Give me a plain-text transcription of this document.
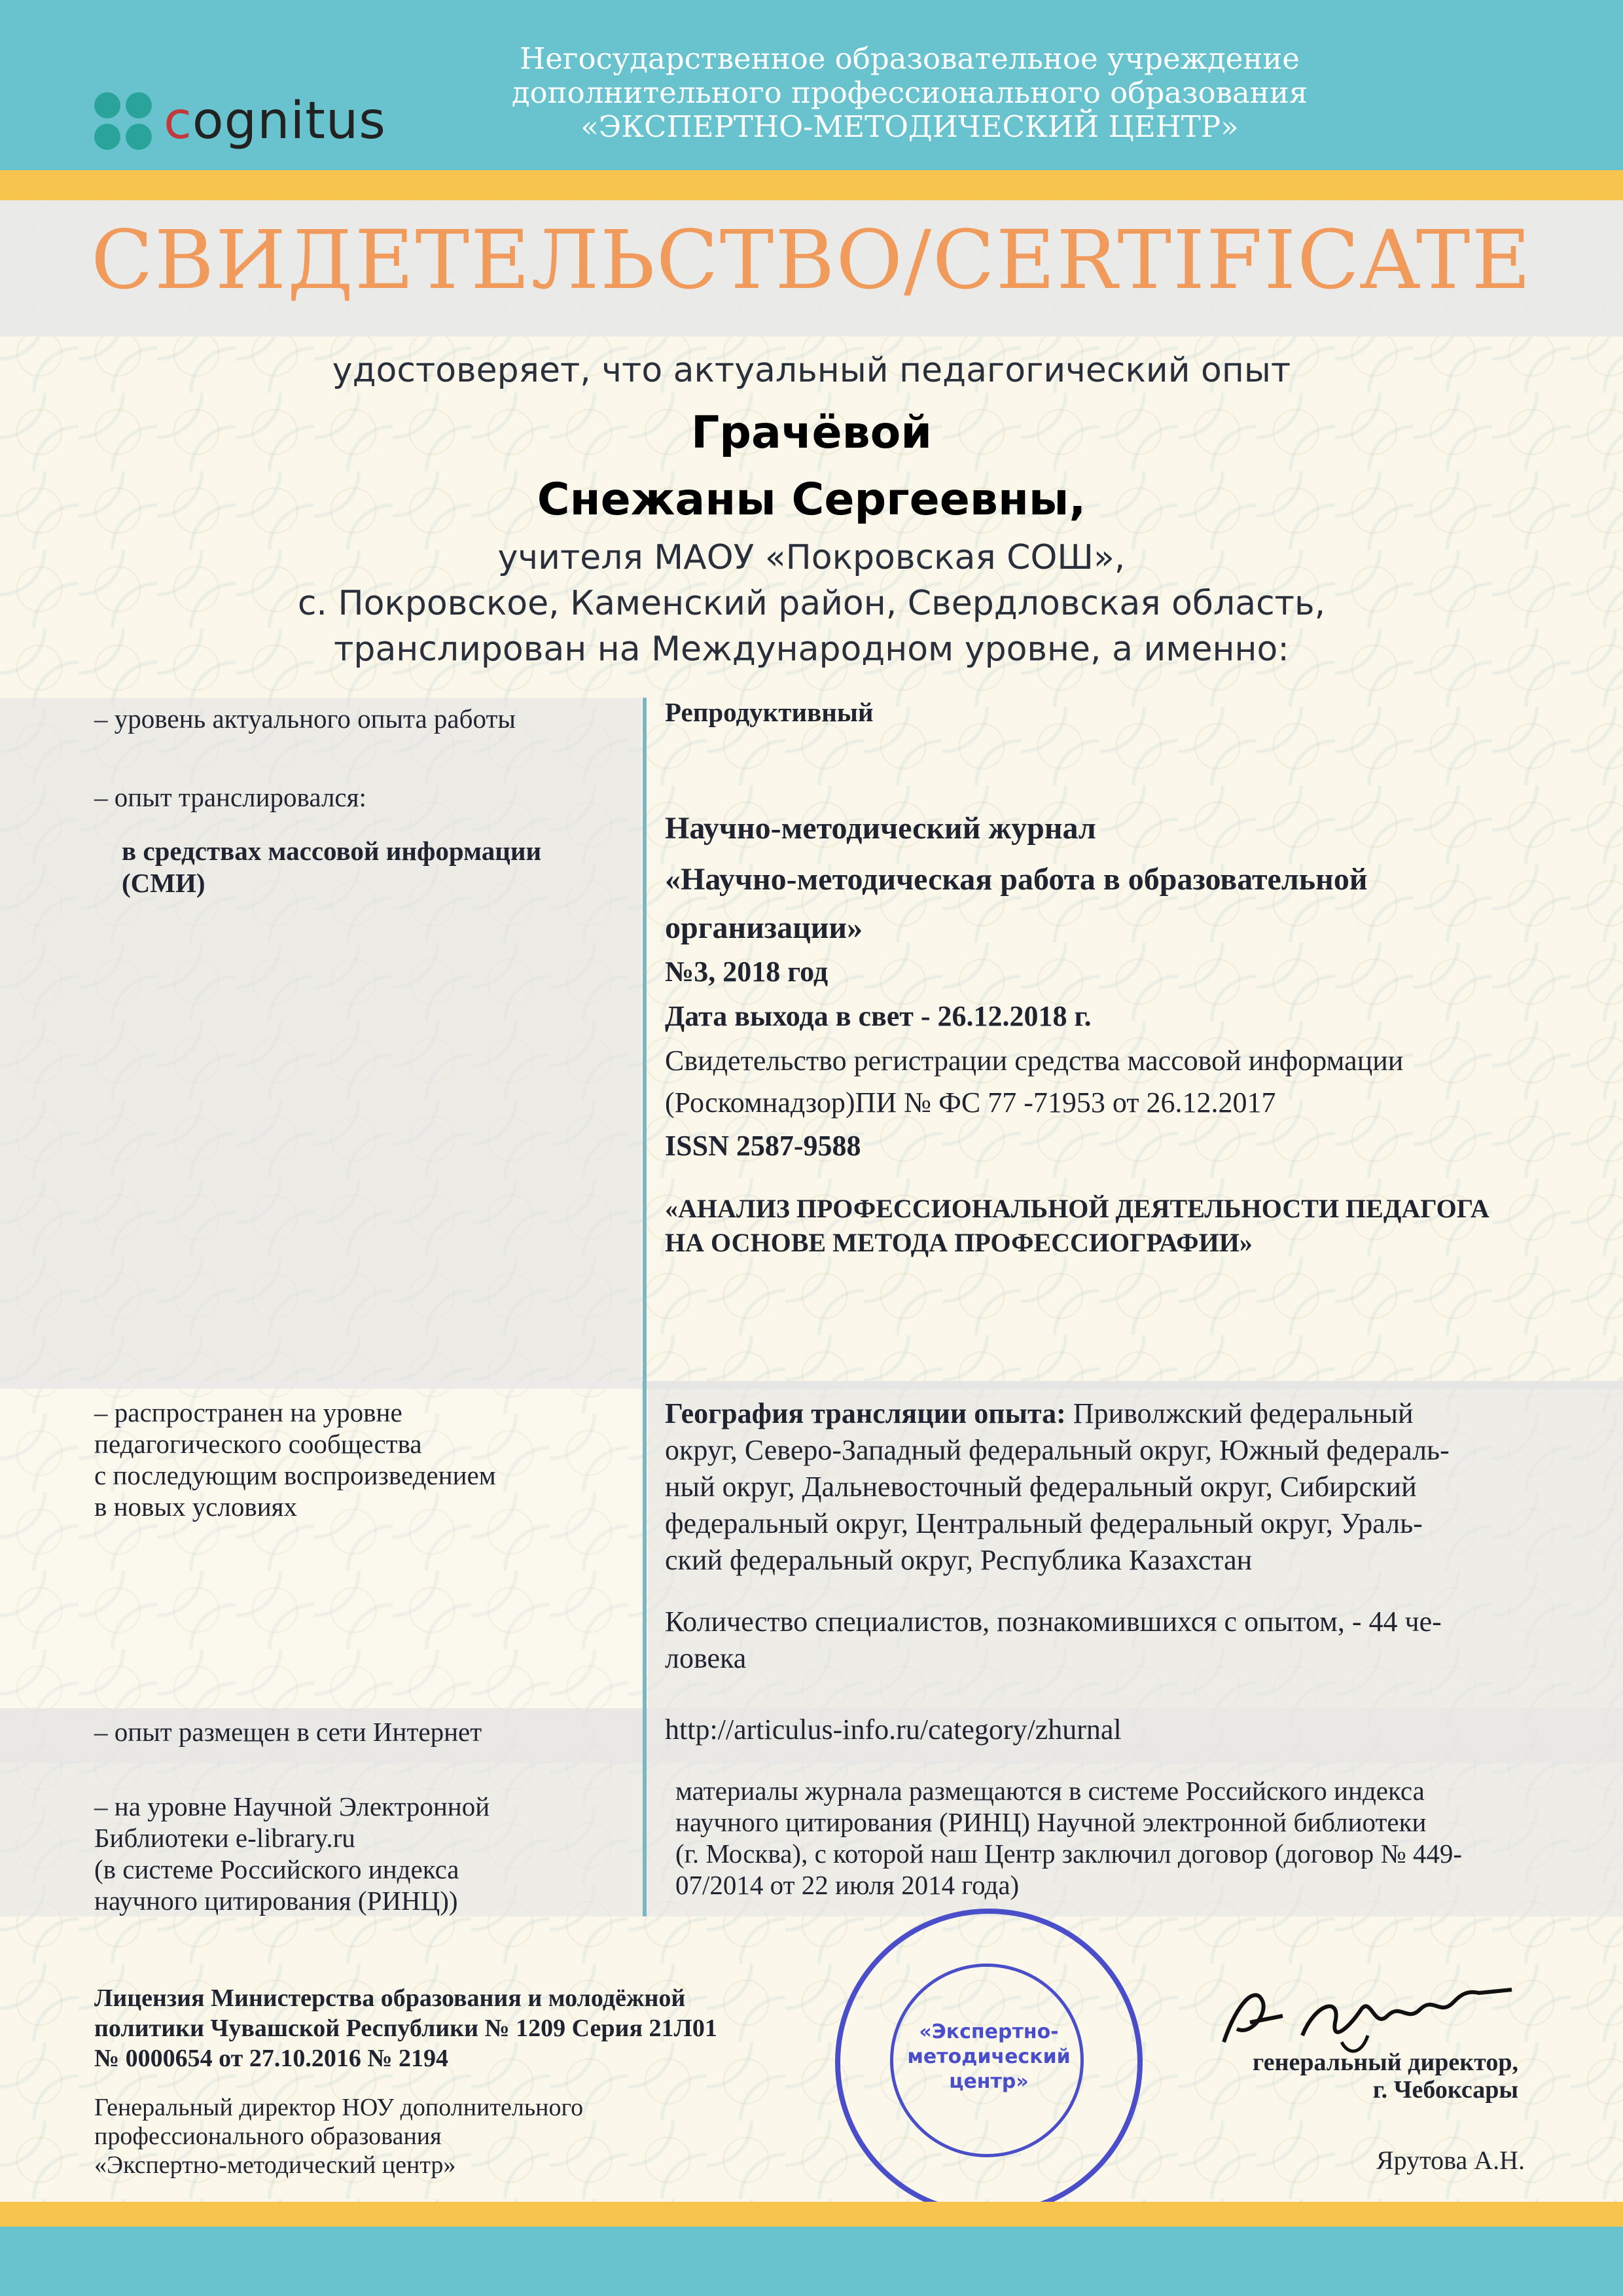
cognitus
Негосударственное образовательное учреждение
дополнительного профессионального образования
«ЭКСПЕРТНО-МЕТОДИЧЕСКИЙ ЦЕНТР»
СВИДЕТЕЛЬСТВО/CERTIFICATE
удостоверяет, что актуальный педагогический опыт
Грачёвой
Снежаны Сергеевны,
учителя МАОУ «Покровская СОШ»,
с. Покровское, Каменский район, Свердловская область,
транслирован на Международном уровне, а именно:
– уровень актуального опыта работы	Репродуктивный
– опыт транслировался:
в средствах массовой информации (СМИ)
Научно-методический журнал
«Научно-методическая работа в образовательной
организации»
№3, 2018 год
Дата выхода в свет - 26.12.2018 г.
Свидетельство регистрации средства массовой информации
(Роскомнадзор)ПИ № ФС 77 -71953 от 26.12.2017
ISSN 2587-9588
«АНАЛИЗ ПРОФЕССИОНАЛЬНОЙ ДЕЯТЕЛЬНОСТИ ПЕДАГОГА
НА ОСНОВЕ МЕТОДА ПРОФЕССИОГРАФИИ»
– распространен на уровне
педагогического сообщества
с последующим воспроизведением
в новых условиях
География трансляции опыта: Приволжский федеральный
округ, Северо-Западный федеральный округ, Южный федераль-
ный округ, Дальневосточный федеральный округ, Сибирский
федеральный округ, Центральный федеральный округ, Ураль-
ский федеральный округ, Республика Казахстан
Количество специалистов, познакомившихся с опытом, - 44 че-
ловека
– опыт размещен в сети Интернет	http://articulus-info.ru/category/zhurnal
– на уровне Научной Электронной
Библиотеки e-library.ru
(в системе Российского индекса
научного цитирования (РИНЦ))
материалы журнала размещаются в системе Российского индекса
научного цитирования (РИНЦ) Научной электронной библиотеки
(г. Москва), с которой наш Центр заключил договор (договор № 449-
07/2014 от 22 июля 2014 года)
Лицензия Министерства образования и молодёжной
политики Чувашской Республики № 1209 Серия 21Л01
№ 0000654 от 27.10.2016 № 2194
Генеральный директор НОУ дополнительного
профессионального образования
«Экспертно-методический центр»
«Экспертно-
методический
центр»
генеральный директор,
г. Чебоксары
Ярутова А.Н.
